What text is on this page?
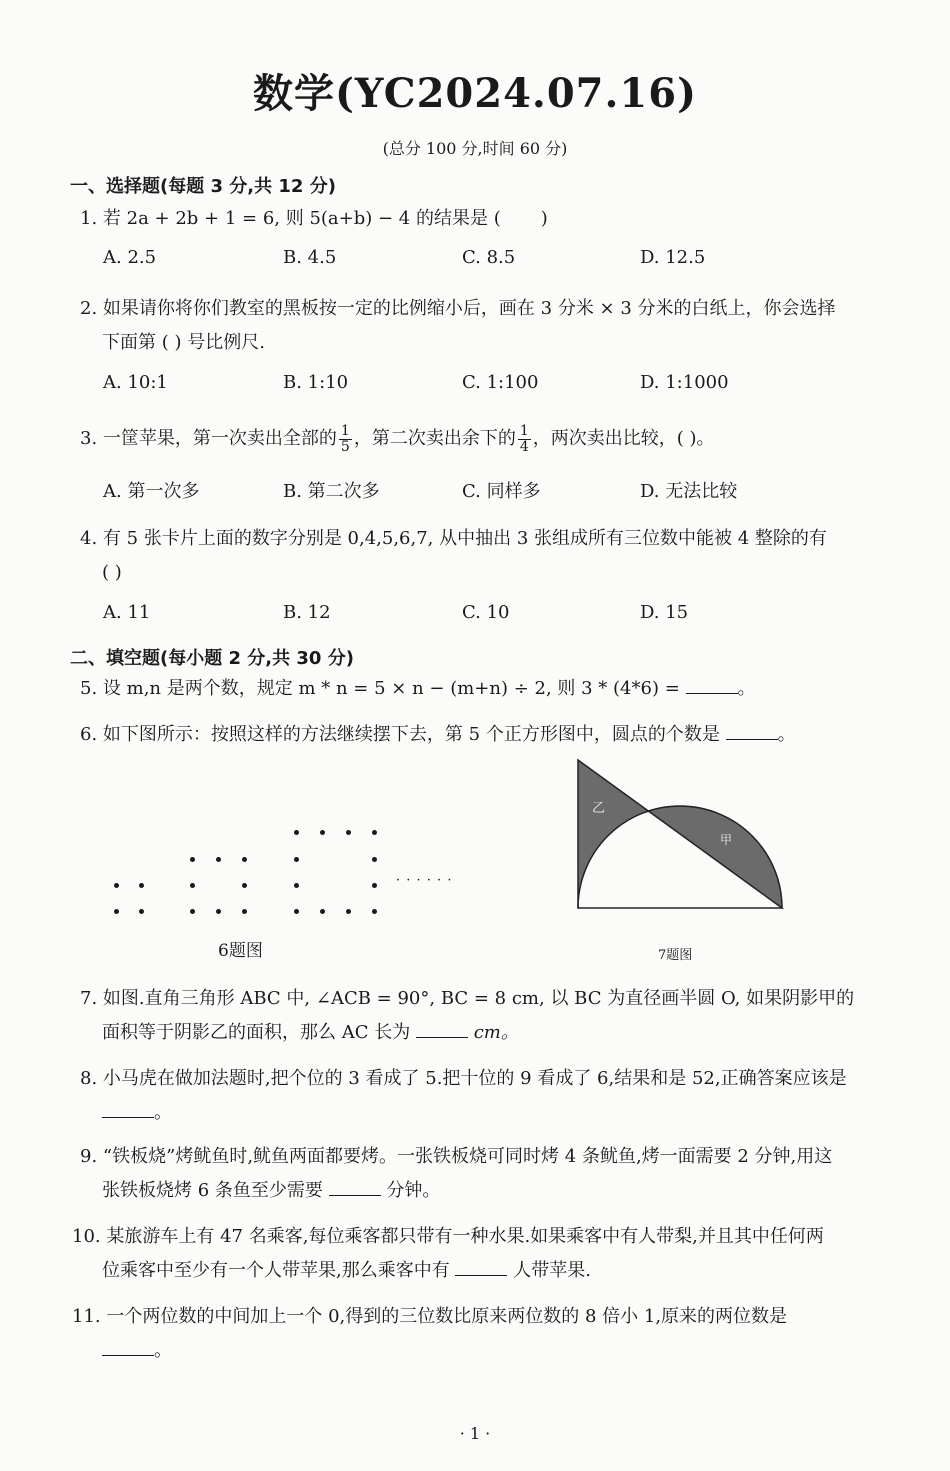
数学(YC2024.07.16)
(总分 100 分,时间 60 分)
一、选择题(每题 3 分,共 12 分)
1. 若 2a + 2b + 1 = 6, 则 5(a+b) − 4 的结果是 ( )
A. 2.5	B. 4.5	C. 8.5	D. 12.5
2. 如果请你将你们教室的黑板按一定的比例缩小后，画在 3 分米 × 3 分米的白纸上，你会选择
下面第 ( ) 号比例尺.
A. 10:1	B. 1:10	C. 1:100	D. 1:1000
3. 一筐苹果，第一次卖出全部的 $\frac{1}{5}$ ，第二次卖出余下的 $\frac{1}{4}$ ，两次卖出比较，( )。
A. 第一次多	B. 第二次多	C. 同样多	D. 无法比较
4. 有 5 张卡片上面的数字分别是 0,4,5,6,7, 从中抽出 3 张组成所有三位数中能被 4 整除的有
( )
A. 11	B. 12	C. 10	D. 15
二、填空题(每小题 2 分,共 30 分)
5. 设 m,n 是两个数，规定 m * n = 5 × n − (m+n) ÷ 2, 则 3 * (4*6) =	。
6. 如下图所示：按照这样的方法继续摆下去，第 5 个正方形图中，圆点的个数是	。
· · · · · ·
6题图
乙
甲
7题图
7. 如图.直角三角形 ABC 中, ∠ACB = 90°, BC = 8 cm, 以 BC 为直径画半圆 O, 如果阴影甲的
面积等于阴影乙的面积，那么 AC 长为	cm。
8. 小马虎在做加法题时,把个位的 3 看成了 5.把十位的 9 看成了 6,结果和是 52,正确答案应该是
。
9. “铁板烧”烤鱿鱼时,鱿鱼两面都要烤。一张铁板烧可同时烤 4 条鱿鱼,烤一面需要 2 分钟,用这
张铁板烧烤 6 条鱼至少需要	分钟。
10. 某旅游车上有 47 名乘客,每位乘客都只带有一种水果.如果乘客中有人带梨,并且其中任何两
位乘客中至少有一个人带苹果,那么乘客中有	人带苹果.
11. 一个两位数的中间加上一个 0,得到的三位数比原来两位数的 8 倍小 1,原来的两位数是
。
· 1 ·
